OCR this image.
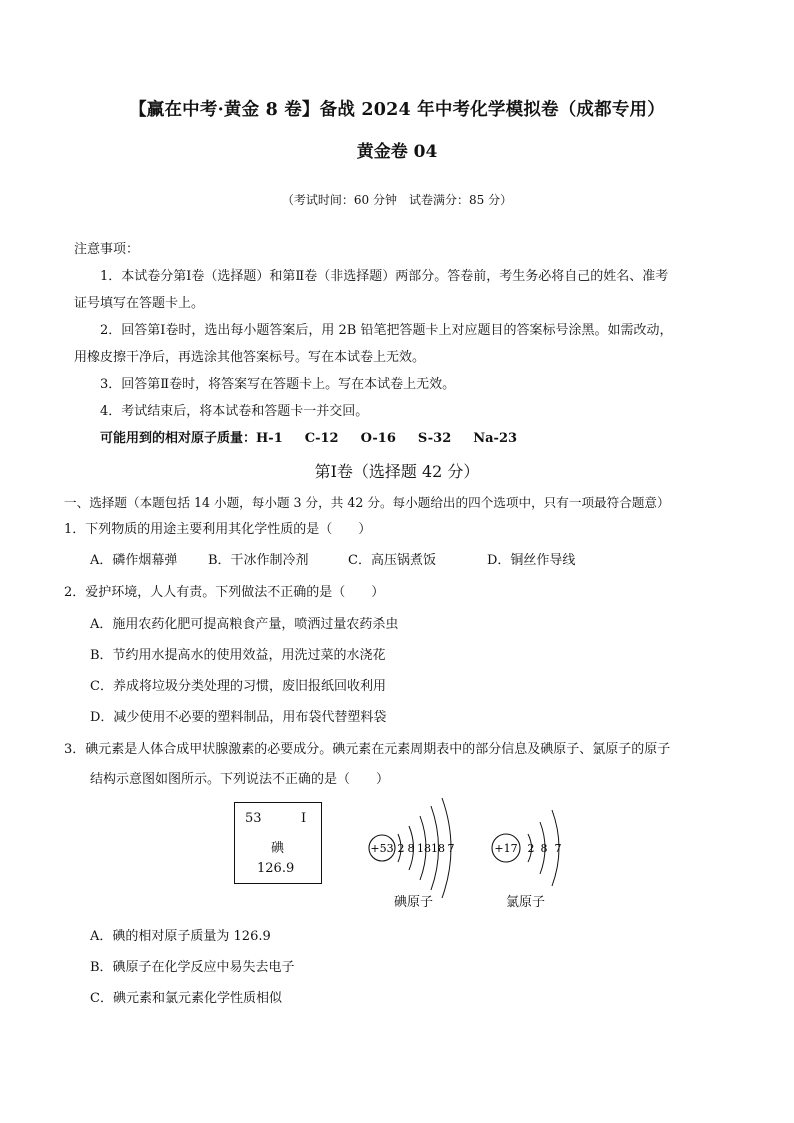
【赢在中考·黄金 8 卷】备战 2024 年中考化学模拟卷（成都专用）
黄金卷 04
（考试时间：60 分钟　试卷满分：85 分）
注意事项：
1．本试卷分第Ⅰ卷（选择题）和第Ⅱ卷（非选择题）两部分。答卷前，考生务必将自己的姓名、准考
证号填写在答题卡上。
2．回答第Ⅰ卷时，选出每小题答案后，用 2B 铅笔把答题卡上对应题目的答案标号涂黑。如需改动，
用橡皮擦干净后，再选涂其他答案标号。写在本试卷上无效。
3．回答第Ⅱ卷时，将答案写在答题卡上。写在本试卷上无效。
4．考试结束后，将本试卷和答题卡一并交回。
可能用到的相对原子质量：H-1 C-12 O-16 S-32 Na-23
第Ⅰ卷（选择题 42 分）
一、选择题（本题包括 14 小题，每小题 3 分，共 42 分。每小题给出的四个选项中，只有一项最符合题意）
1．下列物质的用途主要利用其化学性质的是（　　）
A．磷作烟幕弹 B．干冰作制冷剂	C．高压锅煮饭	D．铜丝作导线
2．爱护环境，人人有责。下列做法不正确的是（　　）
A．施用农药化肥可提高粮食产量，喷洒过量农药杀虫
B．节约用水提高水的使用效益，用洗过菜的水浇花
C．养成将垃圾分类处理的习惯，废旧报纸回收利用
D．减少使用不必要的塑料制品，用布袋代替塑料袋
3．碘元素是人体合成甲状腺激素的必要成分。碘元素在元素周期表中的部分信息及碘原子、氯原子的原子
结构示意图如图所示。下列说法不正确的是（　　）
53	I
碘
126.9
+53 2 8 18 18 7
碘原子
+17 2 8 7
氯原子
A．碘的相对原子质量为 126.9
B．碘原子在化学反应中易失去电子
C．碘元素和氯元素化学性质相似
